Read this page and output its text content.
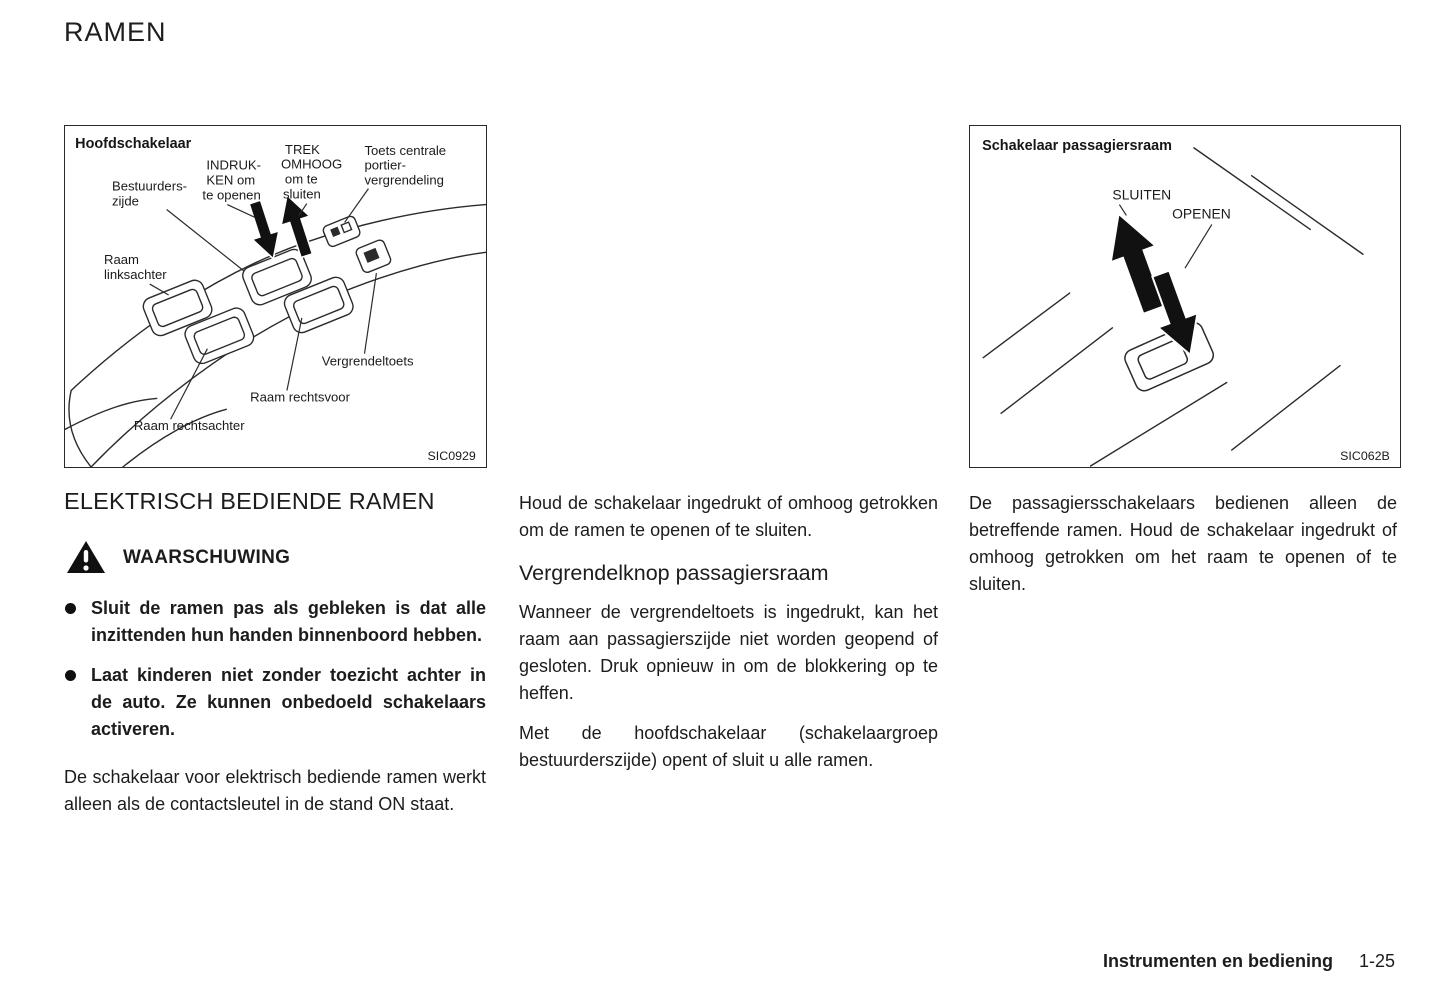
RAMEN
Hoofdschakelaar
INDRUK-
KEN om
te openen
TREK
OMHOOG
om te
sluiten
Toets centrale
portier-
vergrendeling
Bestuurders-
zijde
Raam
linksachter
Vergrendeltoets
Raam rechtsvoor
Raam rechtsachter
SIC0929
Schakelaar passagiersraam
SLUITEN
OPENEN
SIC062B
ELEKTRISCH BEDIENDE RAMEN
WAARSCHUWING

Sluit de ramen pas als gebleken is dat alle inzittenden hun handen binnenboord hebben.

Laat kinderen niet zonder toezicht achter in de auto. Ze kunnen onbedoeld schakelaars activeren.

De schakelaar voor elektrisch bediende ramen werkt alleen als de contactsleutel in de stand ON staat.

Houd de schakelaar ingedrukt of omhoog getrokken om de ramen te openen of te sluiten.

Vergrendelknop passagiersraam

Wanneer de vergrendeltoets is ingedrukt, kan het raam aan passagierszijde niet worden geopend of gesloten. Druk opnieuw in om de blokkering op te heffen.

Met de hoofdschakelaar (schakelaargroep bestuurderszijde) opent of sluit u alle ramen.

De passagiersschakelaars bedienen alleen de betreffende ramen. Houd de schakelaar ingedrukt of omhoog getrokken om het raam te openen of te sluiten.

Instrumenten en bediening 1-25
